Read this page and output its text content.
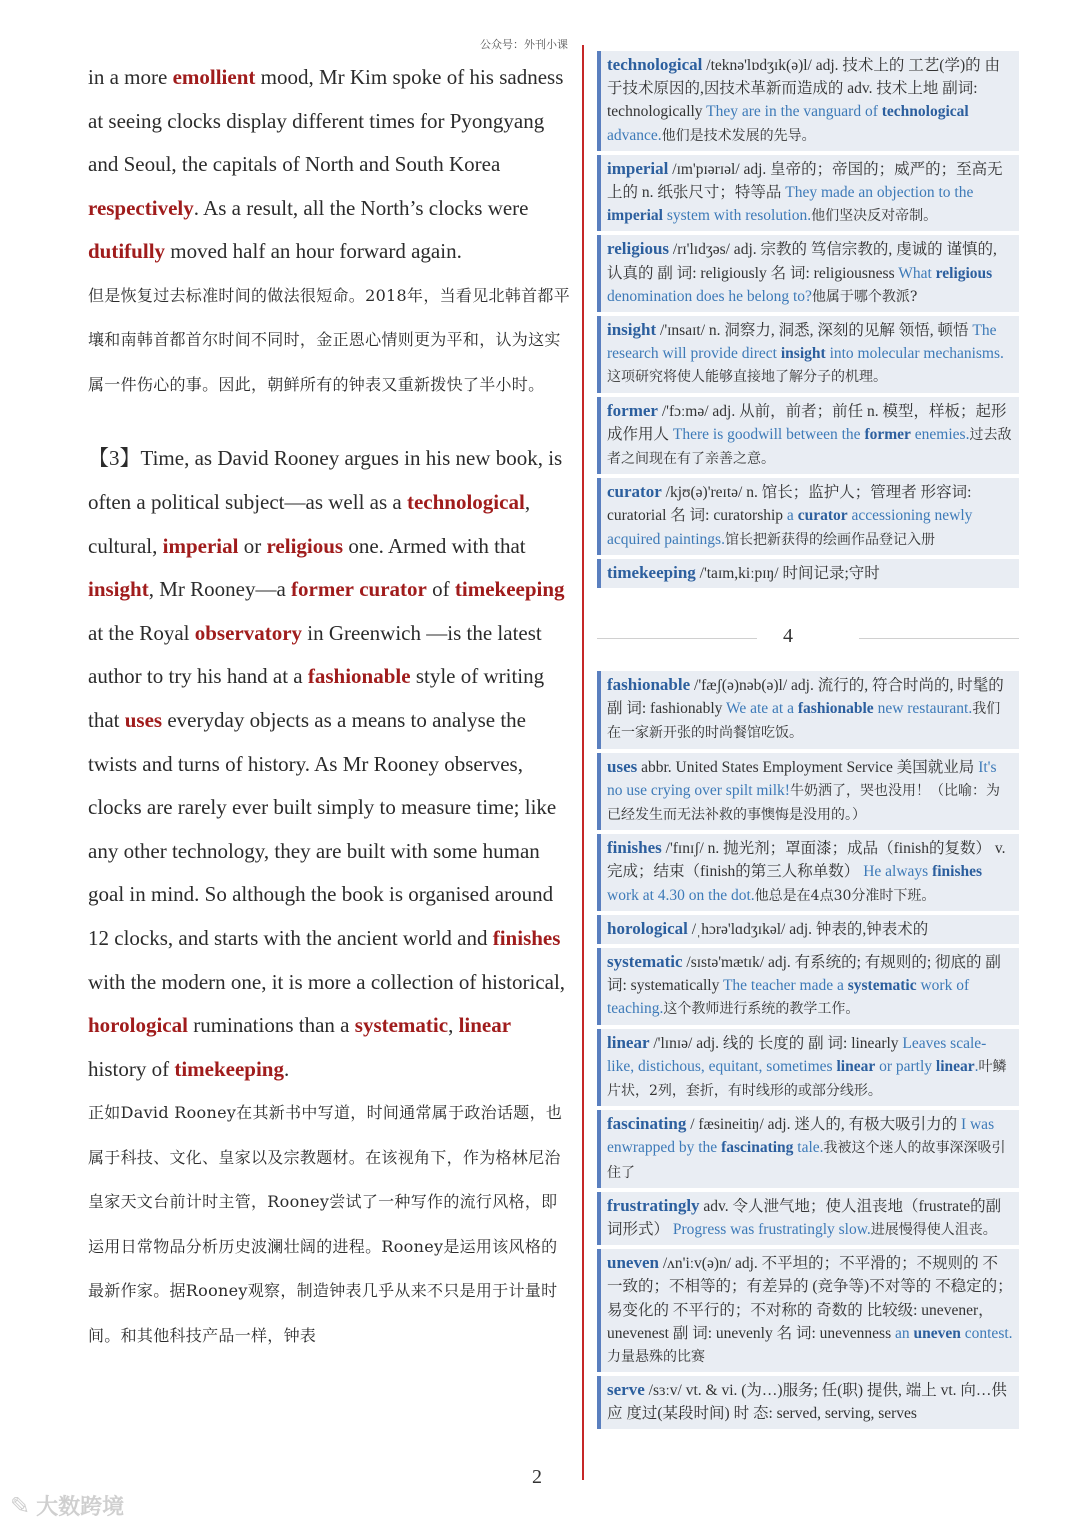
公众号：外刊小课
in a more emollient mood, Mr Kim spoke of his sadness at seeing clocks display different times for Pyongyang and Seoul, the capitals of North and South Korea respectively. As a result, all the North’s clocks were dutifully moved half an hour forward again.
但是恢复过去标准时间的做法很短命。2018年，当看见北韩首都平壤和南韩首都首尔时间不同时，金正恩心情则更为平和，认为这实属一件伤心的事。因此，朝鲜所有的钟表又重新拨快了半小时。
【3】Time, as David Rooney argues in his new book, is often a political subject—as well as a technological, cultural, imperial or religious one. Armed with that insight, Mr Rooney—a former curator of timekeeping at the Royal observatory in Greenwich —is the latest author to try his hand at a fashionable style of writing that uses everyday objects as a means to analyse the twists and turns of history. As Mr Rooney observes, clocks are rarely ever built simply to measure time; like any other technology, they are built with some human goal in mind. So although the book is organised around 12 clocks, and starts with the ancient world and finishes with the modern one, it is more a collection of historical, horological ruminations than a systematic, linear history of timekeeping.
正如David Rooney在其新书中写道，时间通常属于政治话题，也属于科技、文化、皇家以及宗教题材。在该视角下，作为格林尼治皇家天文台前计时主管，Rooney尝试了一种写作的流行风格，即运用日常物品分析历史波澜壮阔的进程。Rooney是运用该风格的最新作家。据Rooney观察，制造钟表几乎从来不只是用于计量时间。和其他科技产品一样，钟表
2
technological /teknə'lɒdʒɪk(ə)l/ adj. 技术上的 工艺(学)的 由于技术原因的,因技术革新而造成的 adv. 技术上地 副词: technologically They are in the vanguard of technological advance.他们是技术发展的先导。
imperial /ɪm'pɪərɪəl/ adj. 皇帝的；帝国的；威严的；至高无上的 n. 纸张尺寸；特等品 They made an objection to the imperial system with resolution.他们坚决反对帝制。
religious /rɪ'lɪdʒəs/ adj. 宗教的 笃信宗教的, 虔诚的 谨慎的, 认真的 副 词: religiously 名 词: religiousness What religious denomination does he belong to?他属于哪个教派?
insight /'ɪnsaɪt/ n. 洞察力, 洞悉, 深刻的见解 领悟, 顿悟 The research will provide direct insight into molecular mechanisms.这项研究将使人能够直接地了解分子的机理。
former /'fɔːmə/ adj. 从前，前者；前任 n. 模型，样板；起形成作用人 There is goodwill between the former enemies.过去敌者之间现在有了亲善之意。
curator /kjʊ(ə)'reɪtə/ n. 馆长；监护人；管理者 形容词: curatorial 名 词: curatorship a curator accessioning newly acquired paintings.馆长把新获得的绘画作品登记入册
timekeeping /'taɪm,kiːpɪŋ/ 时间记录;守时
4
fashionable /'fæʃ(ə)nəb(ə)l/ adj. 流行的, 符合时尚的, 时髦的 副 词: fashionably We ate at a fashionable new restaurant.我们在一家新开张的时尚餐馆吃饭。
uses abbr. United States Employment Service 美国就业局 It's no use crying over spilt milk!牛奶洒了，哭也没用！（比喻：为已经发生而无法补救的事懊悔是没用的。）
finishes /'fɪnɪʃ/ n. 抛光剂；罩面漆；成品（finish的复数） v. 完成；结束（finish的第三人称单数） He always finishes work at 4.30 on the dot.他总是在4点30分准时下班。
horological /ˌhɔrə'lɑdʒɪkəl/ adj. 钟表的,钟表术的
systematic /sɪstə'mætɪk/ adj. 有系统的; 有规则的; 彻底的 副 词: systematically The teacher made a systematic work of teaching.这个教师进行系统的教学工作。
linear /'lɪnɪə/ adj. 线的 长度的 副 词: linearly Leaves scale-like, distichous, equitant, sometimes linear or partly linear.叶鳞片状，2列，套折，有时线形的或部分线形。
fascinating / fæsineitiŋ/ adj. 迷人的, 有极大吸引力的 I was enwrapped by the fascinating tale.我被这个迷人的故事深深吸引住了
frustratingly adv. 令人泄气地；使人沮丧地（frustrate的副词形式） Progress was frustratingly slow.进展慢得使人沮丧。
uneven /ʌn'iːv(ə)n/ adj. 不平坦的；不平滑的；不规则的 不一致的；不相等的；有差异的 (竞争等)不对等的 不稳定的；易变化的 不平行的；不对称的 奇数的 比较级: unevener，unevenest 副 词: unevenly 名 词: unevenness an uneven contest.力量悬殊的比赛
serve /sɜːv/ vt. & vi. (为…)服务; 任(职) 提供, 端上 vt. 向…供应 度过(某段时间) 时 态: served, serving, serves
✎ 大数跨境
